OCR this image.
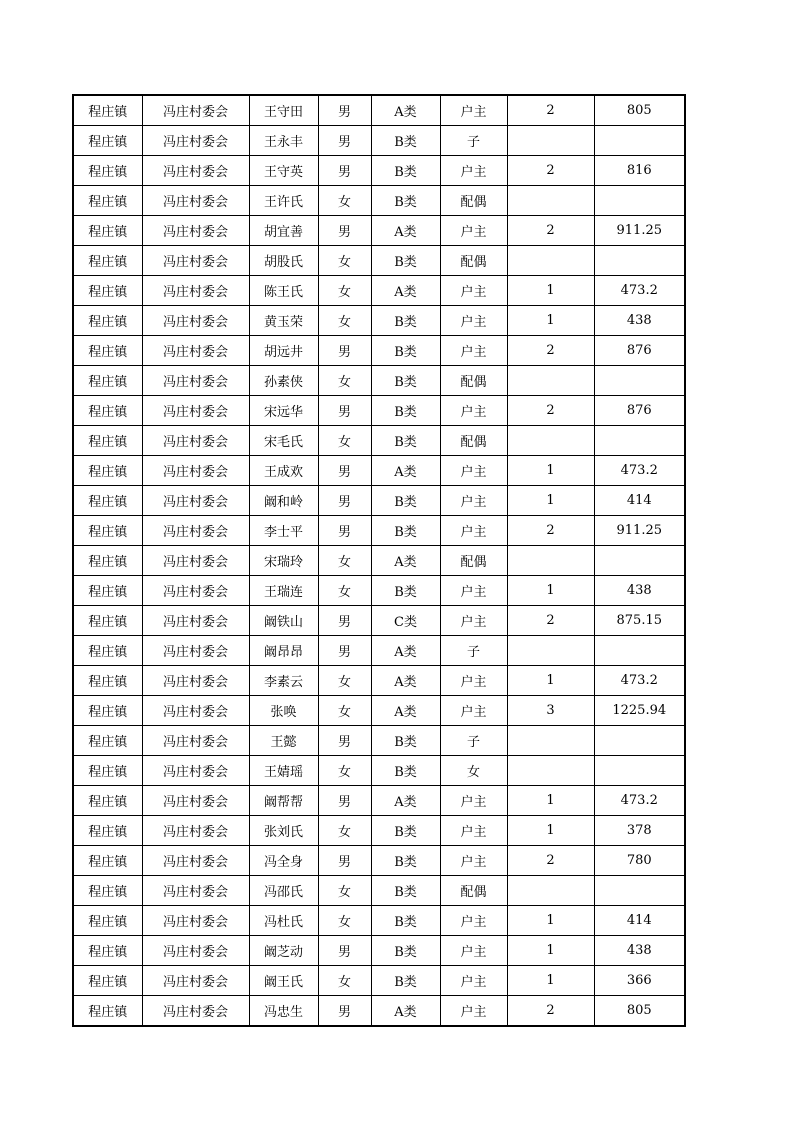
程庄镇	冯庄村委会	王守田	男	A类	户主	2	805
程庄镇	冯庄村委会	王永丰	男	B类	子		
程庄镇	冯庄村委会	王守英	男	B类	户主	2	816
程庄镇	冯庄村委会	王许氏	女	B类	配偶		
程庄镇	冯庄村委会	胡宜善	男	A类	户主	2	911.25
程庄镇	冯庄村委会	胡股氏	女	B类	配偶		
程庄镇	冯庄村委会	陈王氏	女	A类	户主	1	473.2
程庄镇	冯庄村委会	黄玉荣	女	B类	户主	1	438
程庄镇	冯庄村委会	胡远井	男	B类	户主	2	876
程庄镇	冯庄村委会	孙素侠	女	B类	配偶		
程庄镇	冯庄村委会	宋远华	男	B类	户主	2	876
程庄镇	冯庄村委会	宋毛氏	女	B类	配偶		
程庄镇	冯庄村委会	王成欢	男	A类	户主	1	473.2
程庄镇	冯庄村委会	阚和岭	男	B类	户主	1	414
程庄镇	冯庄村委会	李士平	男	B类	户主	2	911.25
程庄镇	冯庄村委会	宋瑞玲	女	A类	配偶		
程庄镇	冯庄村委会	王瑞连	女	B类	户主	1	438
程庄镇	冯庄村委会	阚铁山	男	C类	户主	2	875.15
程庄镇	冯庄村委会	阚昂昂	男	A类	子		
程庄镇	冯庄村委会	李素云	女	A类	户主	1	473.2
程庄镇	冯庄村委会	张唤	女	A类	户主	3	1225.94
程庄镇	冯庄村委会	王懿	男	B类	子		
程庄镇	冯庄村委会	王婧瑶	女	B类	女		
程庄镇	冯庄村委会	阚帮帮	男	A类	户主	1	473.2
程庄镇	冯庄村委会	张刘氏	女	B类	户主	1	378
程庄镇	冯庄村委会	冯全身	男	B类	户主	2	780
程庄镇	冯庄村委会	冯邵氏	女	B类	配偶		
程庄镇	冯庄村委会	冯杜氏	女	B类	户主	1	414
程庄镇	冯庄村委会	阚芝动	男	B类	户主	1	438
程庄镇	冯庄村委会	阚王氏	女	B类	户主	1	366
程庄镇	冯庄村委会	冯忠生	男	A类	户主	2	805
